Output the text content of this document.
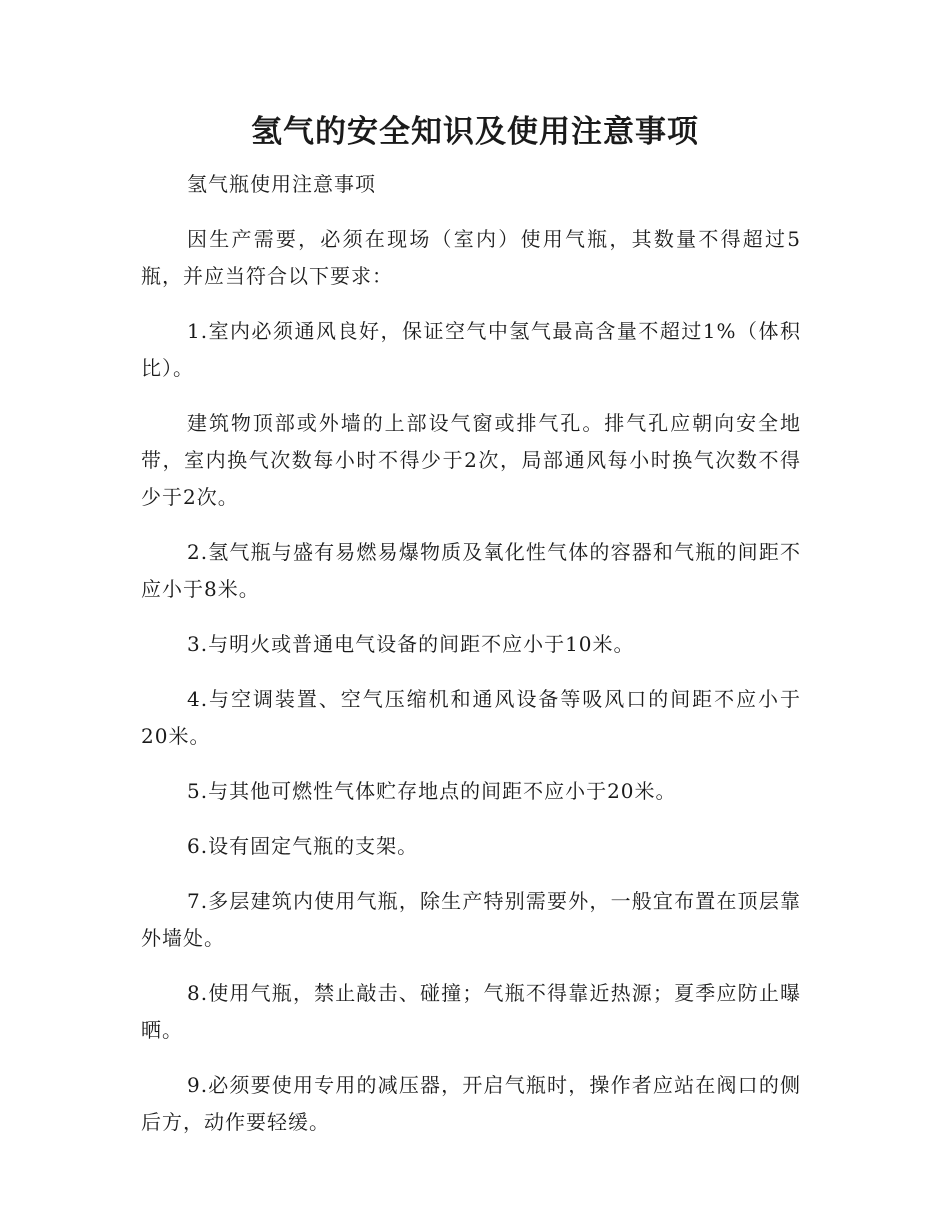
氢气的安全知识及使用注意事项

氢气瓶使用注意事项

因生产需要，必须在现场（室内）使用气瓶，其数量不得超过5瓶，并应当符合以下要求：

1.室内必须通风良好，保证空气中氢气最高含量不超过1%（体积比）。

建筑物顶部或外墙的上部设气窗或排气孔。排气孔应朝向安全地带，室内换气次数每小时不得少于2次，局部通风每小时换气次数不得少于2次。

2.氢气瓶与盛有易燃易爆物质及氧化性气体的容器和气瓶的间距不应小于8米。

3.与明火或普通电气设备的间距不应小于10米。

4.与空调装置、空气压缩机和通风设备等吸风口的间距不应小于20米。

5.与其他可燃性气体贮存地点的间距不应小于20米。

6.设有固定气瓶的支架。

7.多层建筑内使用气瓶，除生产特别需要外，一般宜布置在顶层靠外墙处。

8.使用气瓶，禁止敲击、碰撞；气瓶不得靠近热源；夏季应防止曝晒。

9.必须要使用专用的减压器，开启气瓶时，操作者应站在阀口的侧后方，动作要轻缓。
